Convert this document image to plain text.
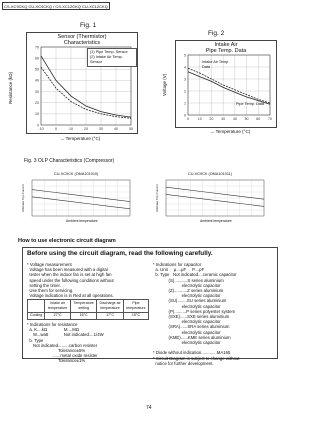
CS-XC9CKQ CU-XC9CKQ / CS-XC12CKQ CU-XC12CKQ
Fig. 1
Sensor (Thermistor)
Characteristics
0
10
20
30
40
50
60
70
-10	0	10	20	30	40	50
(1) Pipe Temp. Sensor
(2) Intake Air Temp. Sensor
Resistance (kΩ)
→ Temperature (°C)
Fig. 2
Intake Air
Pipe Temp. Data
0
1
2
3
4
5
0 10 20 30 40 50 60 70
Intake Air Temp. Data
Pipe Temp. Data
Voltage (V)
→ Temperature (°C)
Fig. 3 OLP Characteristics (Compressor)
CU-XC9CK (OMA101010)
Ambient temperature
CU-XC9CK (OMA101011)
Ambient temperature
Ultimate Trip Current	Ultimate Trip Current
How to use electronic circuit diagram
Before using the circuit diagram, read the following carefully.
* Voltage measurement
Voltage has been measured with a digital
tester when the indoor fan is set at high fan
speed under the following conditions without
setting the timer.
Use them for servicing.
Voltage indication is in Red at all operations.
	Intake air temperature	Temperature setting	Discharge air temperature	Pipe temperature
Cooling	27°C	16°C	17°C	15°C
* Indications for resistance
a. K....kΩ              M....MΩ
W...watt             Not indicated....1/4W
b. Type
Not indicated.........carbon resister
Tolerance±5%
.......metal oxide resister
Tolerance±1%
* Indications for capacitor
a. Unit     μ....μF     P....pF
b. Type   Not indicated....ceramic capacitor
(S)...........S series aluminium
electrolytic capacitor
(Z)...........Z series aluminium
electrolytic capacitor
(SU)........SU series aluminium
electrolytic capacitor
(P)..........P series polyester system
(SXE)......SXE series aluminium
electrolytic capacitor
(SRA)......SRA series aluminium
electrolytic capacitor
(KME)......KME series aluminium
electrolytic capacitor

* Diode without indication.............MA165
* Circuit Diagram is subject to change without
notice for further development.
74
